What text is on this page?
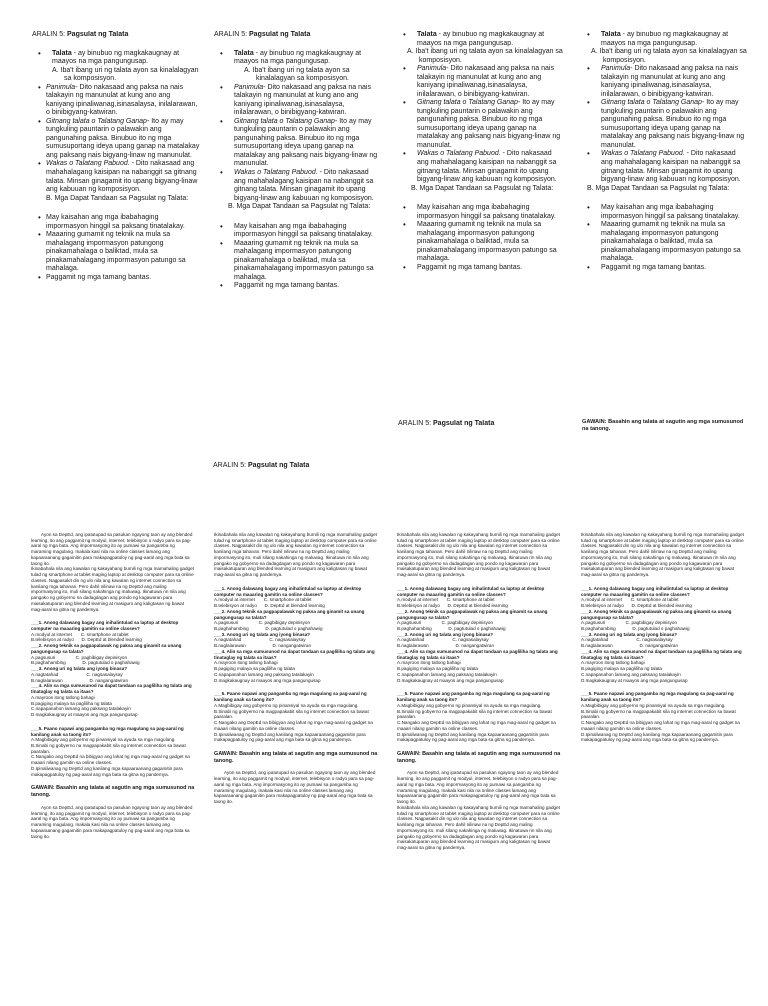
ARALIN 5: Pagsulat ng Talata
• Talata - ay binubuo ng magkakaugnay at maayos na mga pangungusap.
A. Iba't ibang uri ng talata ayon sa kinalalagyan sa komposisyon.
• Panimula- Dito nakasaad ang paksa na nais talakayin ng manunulat at kung ano ang kaniyang ipinaliwanag,isinasalaysa, inilalarawan, o binibigyang-katwiran.
• Gitnang talata o Talatang Ganap- Ito ay may tungkuling pauntarin o palawakin ang pangunahing paksa. Binubuo ito ng mga sumusuportang ideya upang ganap na matalakay ang paksang nais bigyang-linaw ng manunulat.
• Wakas o Talatang Pabuod. - Dito nakasaad ang mahahalagang kaisipan na nabanggit sa gitnang talata. Minsan ginagamit ito upang bigyang-linaw ang kabuuan ng komposisyon.
B. Mga Dapat Tandaan sa Pagsulat ng Talata:
• May kaisahan ang mga ibabahaging impormasyon hinggil sa paksang tinatalakay.
• Maaaring gumamit ng teknik na mula sa mahalagang impormasyon patungong pinakamahalaga o baliktad, mula sa pinakamahalagang impormasyon patungo sa mahalaga.
• Paggamit ng mga tamang bantas.
ARALIN 5: Pagsulat ng Talata
• Talata - ay binubuo ng magkakaugnay at maayos na mga pangungusap.
A. Iba't ibang uri ng talata ayon sa kinalalagyan sa komposisyon.
• Panimula- Dito nakasaad ang paksa na nais talakayin ng manunulat at kung ano ang kaniyang ipinaliwanag,isinasalaysa, inilalarawan, o binibigyang-katwiran.
• Gitnang talata o Talatang Ganap- Ito ay may tungkuling pauntarin o palawakin ang pangunahing paksa. Binubuo ito ng mga sumusuportang ideya upang ganap na matalakay ang paksang nais bigyang-linaw ng manunulat.
• Wakas o Talatang Pabuod. - Dito nakasaad ang mahahalagang kaisipan na nabanggit sa gitnang talata. Minsan ginagamit ito upang bigyang-linaw ang kabuuan ng komposisyon.
B. Mga Dapat Tandaan sa Pagsulat ng Talata:
• May kaisahan ang mga ibabahaging impormasyon hinggil sa paksang tinatalakay.
• Maaaring gumamit ng teknik na mula sa mahalagang impormasyon patungong pinakamahalaga o baliktad, mula sa pinakamahalagang impormasyon patungo sa mahalaga.
• Paggamit ng mga tamang bantas.
• Talata - ay binubuo ng magkakaugnay at maayos na mga pangungusap.
A. Iba't ibang uri ng talata ayon sa kinalalagyan sa komposisyon.
• Panimula- Dito nakasaad ang paksa na nais talakayin ng manunulat at kung ano ang kaniyang ipinaliwanag,isinasalaysa, inilalarawan, o binibigyang-katwiran.
• Gitnang talata o Talatang Ganap- Ito ay may tungkuling pauntarin o palawakin ang pangunahing paksa. Binubuo ito ng mga sumusuportang ideya upang ganap na matalakay ang paksang nais bigyang-linaw ng manunulat.
• Wakas o Talatang Pabuod. - Dito nakasaad ang mahahalagang kaisipan na nabanggit sa gitnang talata. Minsan ginagamit ito upang bigyang-linaw ang kabuuan ng komposisyon.
B. Mga Dapat Tandaan sa Pagsulat ng Talata:
• May kaisahan ang mga ibabahaging impormasyon hinggil sa paksang tinatalakay.
• Maaaring gumamit ng teknik na mula sa mahalagang impormasyon patungong pinakamahalaga o baliktad, mula sa pinakamahalagang impormasyon patungo sa mahalaga.
• Paggamit ng mga tamang bantas.
• Talata - ay binubuo ng magkakaugnay at maayos na mga pangungusap.
A. Iba't ibang uri ng talata ayon sa kinalalagyan sa komposisyon.
• Panimula- Dito nakasaad ang paksa na nais talakayin ng manunulat at kung ano ang kaniyang ipinaliwanag,isinasalaysa, inilalarawan, o binibigyang-katwiran.
• Gitnang talata o Talatang Ganap- Ito ay may tungkuling pauntarin o palawakin ang pangunahing paksa. Binubuo ito ng mga sumusuportang ideya upang ganap na matalakay ang paksang nais bigyang-linaw ng manunulat.
• Wakas o Talatang Pabuod. - Dito nakasaad ang mahahalagang kaisipan na nabanggit sa gitnang talata. Minsan ginagamit ito upang bigyang-linaw ang kabuuan ng komposisyon.
B. Mga Dapat Tandaan sa Pagsulat ng Talata:
• May kaisahan ang mga ibabahaging impormasyon hinggil sa paksang tinatalakay.
• Maaaring gumamit ng teknik na mula sa mahalagang impormasyon patungong pinakamahalaga o baliktad, mula sa pinakamahalagang impormasyon patungo sa mahalaga.
• Paggamit ng mga tamang bantas.
ARALIN 5: Pagsulat ng Talata	GAWAIN: Basahin ang talata at sagutin ang mga sumusunod na tanong.
ARALIN 5: Pagsulat ng Talata

Ayon sa DepEd, ang ipatutupad sa pasukan ngayong taon ay ang blended learning, ito ang paggamit ng modyul, internet, telebisyon o radyo para sa pag-aaral ng mga bata. Ang impormasyong ito ay pumawi sa pangamba ng maraming magulang. Inakala kasi nila na online classes lamang ang kapaaraanang gagamitin para makapagpatuloy ng pag-aaral ang mga bata sa taong ito.

Ikinabahala nila ang kawalan ng kakayahang bumili ng mga mamahaling gadget tulad ng smartphone at tablet maging laptop at desktop computer para sa online classes. Nagpasakit din ng ulo nila ang kawalan ng internet connection sa kanilang mga tahanan. Pero dahil nilinaw na ng DepEd ang maling impormasyong ito, muli silang nakahinga ng maluwag. Ikinatuwa rin nila ang pangako ng gobyerno na dadagdagan ang pondo ng kagawaran para maisakatuparan ang blended learning at masiguro ang kaligtasan ng bawat mag-aaral sa gitna ng pandemya.

___1. Anong dalawang bagay ang inihalintulad sa laptop at desktop computer na maaaring gamitin sa online classes?

A.modyul at internet       C. smartphone at tablet

B.telebisyon at radyo      D. DepEd at blended learning

___2. Anong teknik sa pagpapalawak ng paksa ang ginamit sa unang pangungusap sa talata?

A.pagsusuri                C. pagbibigay depinisyon

B.paghahambing             D. pagtutulad o paghahawig

___3. Anong uri ng talata ang iyong binasa?

A.nagtatahad                      C. nagsasalaysay

B.naglalarawan                     D. nangangatwiran

___4. Alin sa mga sumusunod na dapat tandaan sa pagliliha ng talata ang tinataglay ng talata sa itaas?

A.mayroon itong tatlong bahagi

B.pagiging malaya sa pagliliha ng talata

C.napapanahon lamang ang paksang tatalakayin

D.magkakaugnay at maayos ang mga pangungusap

___5. Paano napawi ang pangamba ng mga magulang sa pag-aaral ng kanilang anak sa taong ito?

A.Magbibigay ang gobyerno ng pinansiyal na ayuda sa mga magulang.

B.Sinabi ng gobyerno na magpapakabit sila ng internet connection sa bawat paaralan.

C.Nangako ang DepEd na bibigyan ang lahat ng mga mag-aaral ng gadget na maaari nilang gamitin sa online classes.

D.Ipinaliwanag ng DepEd ang kanilang mga kapaaraanang gagamitin para makapagpatuloy ng pag-aaral ang mga bata sa gitna ng pandemya.

GAWAIN: Basahin ang talata at sagutin ang mga sumusunod na tanong.

Ayon sa DepEd, ang ipatutupad sa pasukan ngayong taon ay ang blended learning, ito ang paggamit ng modyul, internet, telebisyon o radyo para sa pag-aaral ng mga bata. Ang impormasyong ito ay pumawi sa pangamba ng maraming magulang. Inakala kasi nila na online classes lamang ang kapaaraanang gagamitin para makapagpatuloy ng pag-aaral ang mga bata sa taong ito.

Ikinabahala nila ang kawalan ng kakayahang bumili ng mga mamahaling gadget tulad ng smartphone at tablet maging laptop at desktop computer para sa online classes. Nagpasakit din ng ulo nila ang kawalan ng internet connection sa kanilang mga tahanan. Pero dahil nilinaw na ng DepEd ang maling impormasyong ito, muli silang nakahinga ng maluwag. Ikinatuwa rin nila ang pangako ng gobyerno na dadagdagan ang pondo ng kagawaran para maisakatuparan ang blended learning at masiguro ang kaligtasan ng bawat mag-aaral sa gitna ng pandemya.

___1. Anong dalawang bagay ang inihalintulad sa laptop at desktop computer na maaaring gamitin sa online classes?

A.modyul at internet       C. smartphone at tablet

B.telebisyon at radyo      D. DepEd at blended learning

___2. Anong teknik sa pagpapalawak ng paksa ang ginamit sa unang pangungusap sa talata?

A.pagsusuri                C. pagbibigay depinisyon

B.paghahambing             D. pagtutulad o paghahawig

___3. Anong uri ng talata ang iyong binasa?

A.nagtatahad                      C. nagsasalaysay

B.naglalarawan                     D. nangangatwiran

___4. Alin sa mga sumusunod na dapat tandaan sa pagliliha ng talata ang tinataglay ng talata sa itaas?

A.mayroon itong tatlong bahagi

B.pagiging malaya sa pagliliha ng talata

C.napapanahon lamang ang paksang tatalakayin

D.magkakaugnay at maayos ang mga pangungusap

___5. Paano napawi ang pangamba ng mga magulang sa pag-aaral ng kanilang anak sa taong ito?

A.Magbibigay ang gobyerno ng pinansiyal na ayuda sa mga magulang.

B.Sinabi ng gobyerno na magpapakabit sila ng internet connection sa bawat paaralan.

C.Nangako ang DepEd na bibigyan ang lahat ng mga mag-aaral ng gadget na maaari nilang gamitin sa online classes.

D.Ipinaliwanag ng DepEd ang kanilang mga kapaaraanang gagamitin para makapagpatuloy ng pag-aaral ang mga bata sa gitna ng pandemya.

GAWAIN: Basahin ang talata at sagutin ang mga sumusunod na tanong.

Ayon sa DepEd, ang ipatutupad sa pasukan ngayong taon ay ang blended learning, ito ang paggamit ng modyul, internet, telebisyon o radyo para sa pag-aaral ng mga bata. Ang impormasyong ito ay pumawi sa pangamba ng maraming magulang. Inakala kasi nila na online classes lamang ang kapaaraanang gagamitin para makapagpatuloy ng pag-aaral ang mga bata sa taong ito.

Ikinabahala nila ang kawalan ng kakayahang bumili ng mga mamahaling gadget tulad ng smartphone at tablet maging laptop at desktop computer para sa online classes. Nagpasakit din ng ulo nila ang kawalan ng internet connection sa kanilang mga tahanan. Pero dahil nilinaw na ng DepEd ang maling impormasyong ito, muli silang nakahinga ng maluwag. Ikinatuwa rin nila ang pangako ng gobyerno na dadagdagan ang pondo ng kagawaran para maisakatuparan ang blended learning at masiguro ang kaligtasan ng bawat mag-aaral sa gitna ng pandemya.

___1. Anong dalawang bagay ang inihalintulad sa laptop at desktop computer na maaaring gamitin sa online classes?

A.modyul at internet       C. smartphone at tablet

B.telebisyon at radyo      D. DepEd at blended learning

___2. Anong teknik sa pagpapalawak ng paksa ang ginamit sa unang pangungusap sa talata?

A.pagsusuri                C. pagbibigay depinisyon

B.paghahambing             D. pagtutulad o paghahawig

___3. Anong uri ng talata ang iyong binasa?

A.nagtatahad                      C. nagsasalaysay

B.naglalarawan                     D. nangangatwiran

___4. Alin sa mga sumusunod na dapat tandaan sa pagliliha ng talata ang tinataglay ng talata sa itaas?

A.mayroon itong tatlong bahagi

B.pagiging malaya sa pagliliha ng talata

C.napapanahon lamang ang paksang tatalakayin

D.magkakaugnay at maayos ang mga pangungusap

___5. Paano napawi ang pangamba ng mga magulang sa pag-aaral ng kanilang anak sa taong ito?

A.Magbibigay ang gobyerno ng pinansiyal na ayuda sa mga magulang.

B.Sinabi ng gobyerno na magpapakabit sila ng internet connection sa bawat paaralan.

C.Nangako ang DepEd na bibigyan ang lahat ng mga mag-aaral ng gadget na maaari nilang gamitin sa online classes.

D.Ipinaliwanag ng DepEd ang kanilang mga kapaaraanang gagamitin para makapagpatuloy ng pag-aaral ang mga bata sa gitna ng pandemya.

GAWAIN: Basahin ang talata at sagutin ang mga sumusunod na tanong.

Ayon sa DepEd, ang ipatutupad sa pasukan ngayong taon ay ang blended learning, ito ang paggamit ng modyul, internet, telebisyon o radyo para sa pag-aaral ng mga bata. Ang impormasyong ito ay pumawi sa pangamba ng maraming magulang. Inakala kasi nila na online classes lamang ang kapaaraanang gagamitin para makapagpatuloy ng pag-aaral ang mga bata sa taong ito.

Ikinabahala nila ang kawalan ng kakayahang bumili ng mga mamahaling gadget tulad ng smartphone at tablet maging laptop at desktop computer para sa online classes. Nagpasakit din ng ulo nila ang kawalan ng internet connection sa kanilang mga tahanan. Pero dahil nilinaw na ng DepEd ang maling impormasyong ito, muli silang nakahinga ng maluwag. Ikinatuwa rin nila ang pangako ng gobyerno na dadagdagan ang pondo ng kagawaran para maisakatuparan ang blended learning at masiguro ang kaligtasan ng bawat mag-aaral sa gitna ng pandemya.

Ikinabahala nila ang kawalan ng kakayahang bumili ng mga mamahaling gadget tulad ng smartphone at tablet maging laptop at desktop computer para sa online classes. Nagpasakit din ng ulo nila ang kawalan ng internet connection sa kanilang mga tahanan. Pero dahil nilinaw na ng DepEd ang maling impormasyong ito, muli silang nakahinga ng maluwag. Ikinatuwa rin nila ang pangako ng gobyerno na dadagdagan ang pondo ng kagawaran para maisakatuparan ang blended learning at masiguro ang kaligtasan ng bawat mag-aaral sa gitna ng pandemya.

___1. Anong dalawang bagay ang inihalintulad sa laptop at desktop computer na maaaring gamitin sa online classes?

A.modyul at internet       C. smartphone at tablet

B.telebisyon at radyo      D. DepEd at blended learning

___2. Anong teknik sa pagpapalawak ng paksa ang ginamit sa unang pangungusap sa talata?

A.pagsusuri                C. pagbibigay depinisyon

B.paghahambing             D. pagtutulad o paghahawig

___3. Anong uri ng talata ang iyong binasa?

A.nagtatahad                      C. nagsasalaysay

B.naglalarawan                     D. nangangatwiran

___4. Alin sa mga sumusunod na dapat tandaan sa pagliliha ng talata ang tinataglay ng talata sa itaas?

A.mayroon itong tatlong bahagi

B.pagiging malaya sa pagliliha ng talata

C.napapanahon lamang ang paksang tatalakayin

D.magkakaugnay at maayos ang mga pangungusap

___5. Paano napawi ang pangamba ng mga magulang sa pag-aaral ng kanilang anak sa taong ito?

A.Magbibigay ang gobyerno ng pinansiyal na ayuda sa mga magulang.

B.Sinabi ng gobyerno na magpapakabit sila ng internet connection sa bawat paaralan.

C.Nangako ang DepEd na bibigyan ang lahat ng mga mag-aaral ng gadget na maaari nilang gamitin sa online classes.

D.Ipinaliwanag ng DepEd ang kanilang mga kapaaraanang gagamitin para makapagpatuloy ng pag-aaral ang mga bata sa gitna ng pandemya.
